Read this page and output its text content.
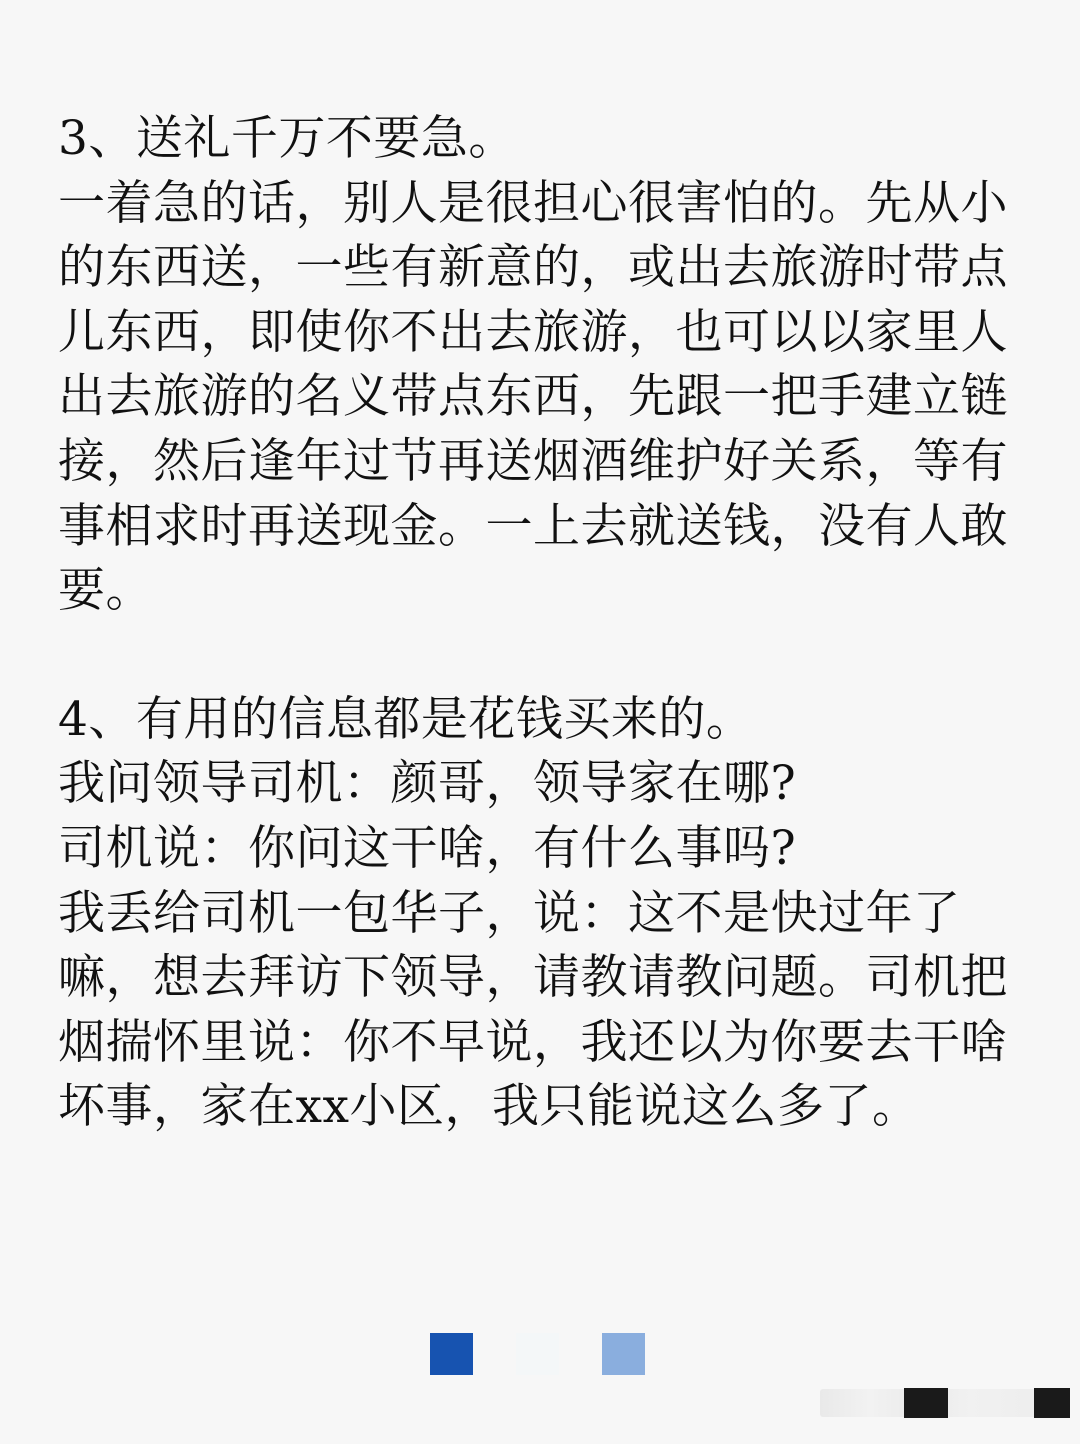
3、送礼千万不要急。

一着急的话，别人是很担心很害怕的。先从小

的东西送，一些有新意的，或出去旅游时带点

儿东西，即使你不出去旅游，也可以以家里人

出去旅游的名义带点东西，先跟一把手建立链

接，然后逢年过节再送烟酒维护好关系，等有

事相求时再送现金。一上去就送钱，没有人敢

要。

4、有用的信息都是花钱买来的。

我问领导司机：颜哥，领导家在哪?

司机说：你问这干啥，有什么事吗?

我丢给司机一包华子，说：这不是快过年了

嘛，想去拜访下领导，请教请教问题。司机把

烟揣怀里说：你不早说，我还以为你要去干啥

坏事，家在xx小区，我只能说这么多了。
